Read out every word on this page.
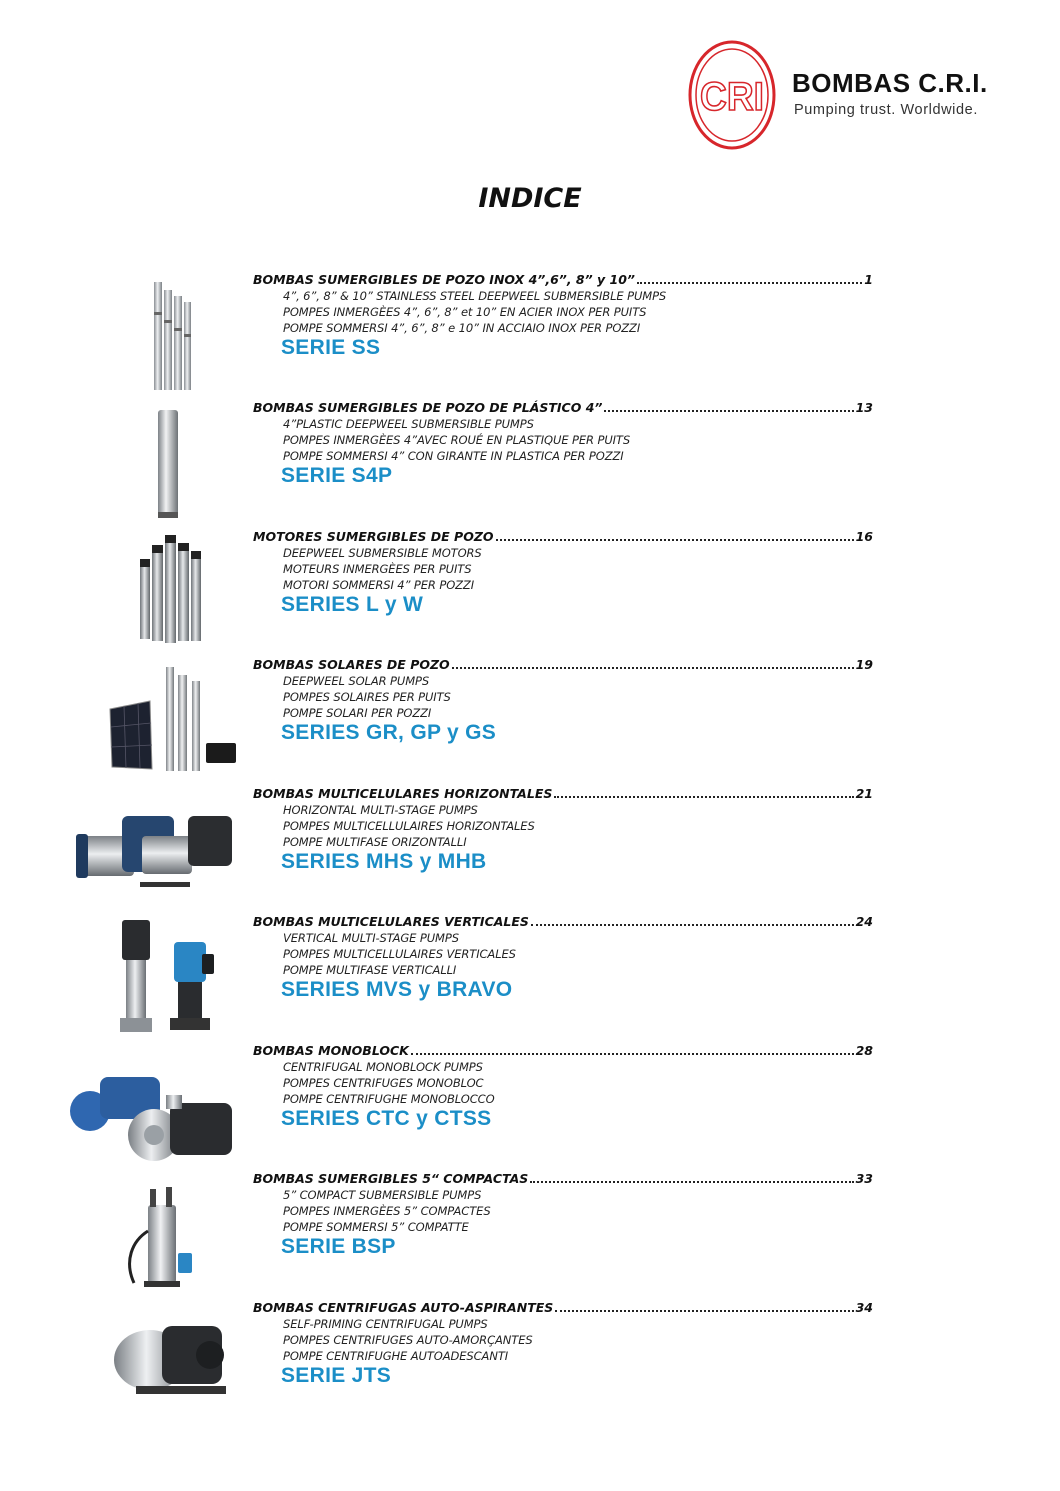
CRI BOMBAS C.R.I.
Pumping trust. Worldwide.
INDICE
BOMBAS SUMERGIBLES DE POZO INOX 4”,6”, 8” y 10”	1
4”, 6”, 8” & 10” STAINLESS STEEL DEEPWEEL SUBMERSIBLE PUMPS
POMPES INMERGÈES 4”, 6”, 8” et 10” EN ACIER INOX PER PUITS
POMPE SOMMERSI 4”, 6”, 8” e 10” IN ACCIAIO INOX PER POZZI
SERIE SS
BOMBAS SUMERGIBLES DE POZO DE PLÁSTICO 4”	13
4”PLASTIC DEEPWEEL SUBMERSIBLE PUMPS
POMPES INMERGÈES 4”AVEC ROUÉ EN PLASTIQUE PER PUITS
POMPE SOMMERSI 4” CON GIRANTE IN PLASTICA PER POZZI
SERIE S4P
MOTORES SUMERGIBLES DE POZO	16
DEEPWEEL SUBMERSIBLE MOTORS
MOTEURS INMERGÈES PER PUITS
MOTORI SOMMERSI 4” PER POZZI
SERIES L y W
BOMBAS SOLARES DE POZO	19
DEEPWEEL SOLAR PUMPS
POMPES SOLAIRES PER PUITS
POMPE SOLARI PER POZZI
SERIES GR, GP y GS
BOMBAS MULTICELULARES HORIZONTALES	21
HORIZONTAL MULTI-STAGE PUMPS
POMPES MULTICELLULAIRES HORIZONTALES
POMPE MULTIFASE ORIZONTALLI
SERIES MHS y MHB
BOMBAS MULTICELULARES VERTICALES	24
VERTICAL MULTI-STAGE PUMPS
POMPES MULTICELLULAIRES VERTICALES
POMPE MULTIFASE VERTICALLI
SERIES MVS y BRAVO
BOMBAS MONOBLOCK	28
CENTRIFUGAL MONOBLOCK PUMPS
POMPES CENTRIFUGES MONOBLOC
POMPE CENTRIFUGHE MONOBLOCCO
SERIES CTC y CTSS
BOMBAS SUMERGIBLES 5“ COMPACTAS	33
5” COMPACT SUBMERSIBLE PUMPS
POMPES INMERGÈES 5” COMPACTES
POMPE SOMMERSI 5” COMPATTE
SERIE BSP
BOMBAS CENTRIFUGAS AUTO-ASPIRANTES	34
SELF-PRIMING CENTRIFUGAL PUMPS
POMPES CENTRIFUGES AUTO-AMORÇANTES
POMPE CENTRIFUGHE AUTOADESCANTI
SERIE JTS
